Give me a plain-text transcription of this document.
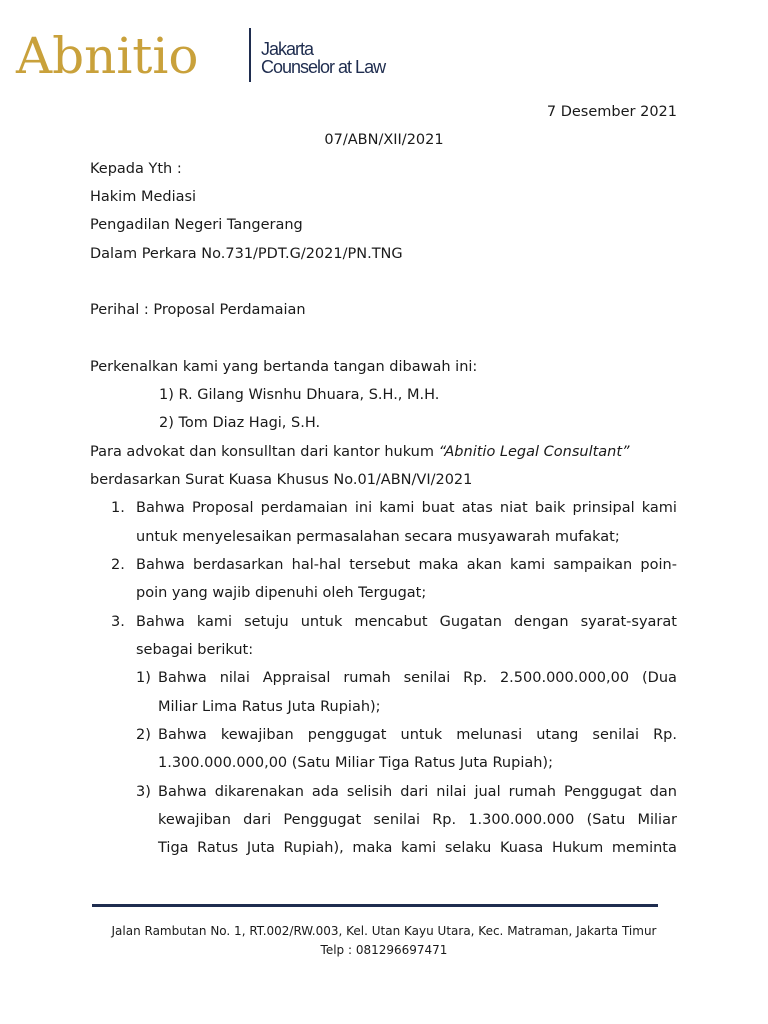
Abnitio	Jakarta
Counselor at Law
7 Desember 2021
07/ABN/XII/2021
Kepada Yth :
Hakim Mediasi
Pengadilan Negeri Tangerang
Dalam Perkara No.731/PDT.G/2021/PN.TNG
Perihal : Proposal Perdamaian
Perkenalkan kami yang bertanda tangan dibawah ini:
1) R. Gilang Wisnhu Dhuara, S.H., M.H.
2) Tom Diaz Hagi, S.H.
Para advokat dan konsulltan dari kantor hukum “Abnitio Legal Consultant”
berdasarkan Surat Kuasa Khusus No.01/ABN/VI/2021
1. Bahwa Proposal perdamaian ini kami buat atas niat baik prinsipal kami
untuk menyelesaikan permasalahan secara musyawarah mufakat;
2. Bahwa berdasarkan hal-hal tersebut maka akan kami sampaikan poin-
poin yang wajib dipenuhi oleh Tergugat;
3. Bahwa kami setuju untuk mencabut Gugatan dengan syarat-syarat
sebagai berikut:
1) Bahwa nilai Appraisal rumah senilai Rp. 2.500.000.000,00 (Dua
Miliar Lima Ratus Juta Rupiah);
2) Bahwa kewajiban penggugat untuk melunasi utang senilai Rp.
1.300.000.000,00 (Satu Miliar Tiga Ratus Juta Rupiah);
3) Bahwa dikarenakan ada selisih dari nilai jual rumah Penggugat dan
kewajiban dari Penggugat senilai Rp. 1.300.000.000 (Satu Miliar
Tiga Ratus Juta Rupiah), maka kami selaku Kuasa Hukum meminta
Jalan Rambutan No. 1, RT.002/RW.003, Kel. Utan Kayu Utara, Kec. Matraman, Jakarta Timur
Telp : 081296697471
